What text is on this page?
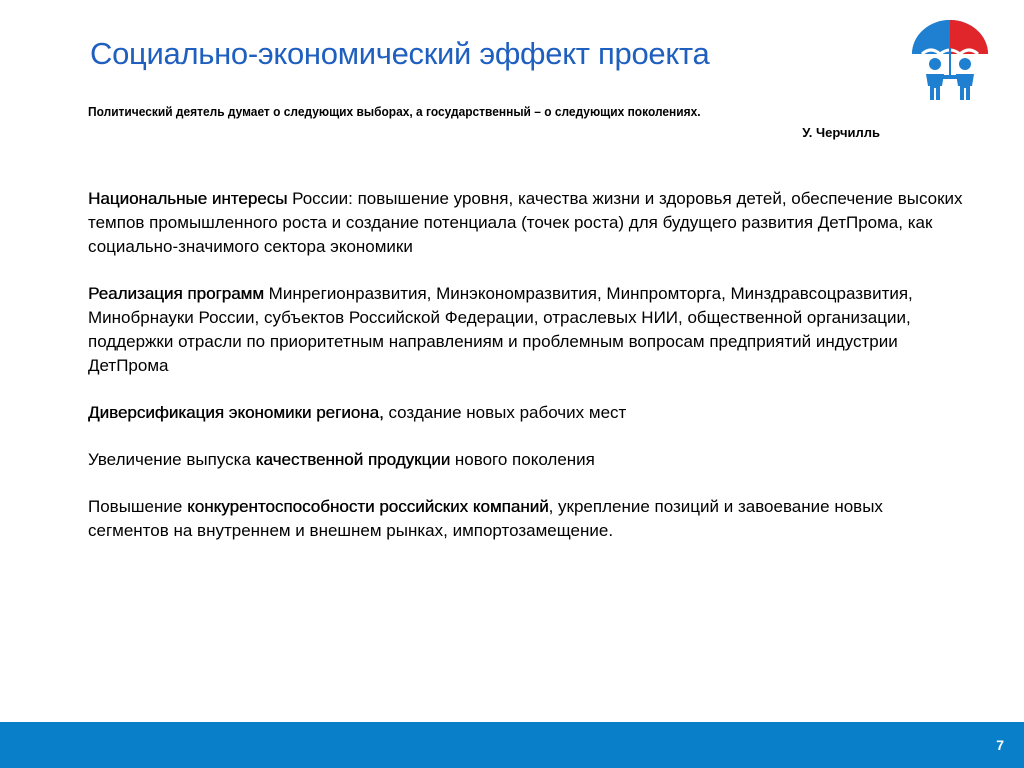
Социально-экономический эффект проекта
Политический деятель думает о следующих выборах, а государственный – о следующих поколениях.
У. Черчилль

Национальные интересы России: повышение уровня, качества жизни и здоровья детей, обеспечение высоких темпов промышленного роста и создание потенциала (точек роста) для будущего развития ДетПрома, как социально-значимого сектора экономики

Реализация программ Минрегионразвития, Минэкономразвития, Минпромторга, Минздравсоцразвития, Минобрнауки России, субъектов Российской Федерации, отраслевых НИИ, общественной организации, поддержки отрасли по приоритетным направлениям и проблемным вопросам предприятий индустрии ДетПрома

Диверсификация экономики региона, создание новых рабочих мест

Увеличение выпуска качественной продукции нового поколения

Повышение конкурентоспособности российских компаний, укрепление позиций и завоевание новых сегментов на внутреннем и внешнем рынках, импортозамещение.

7
